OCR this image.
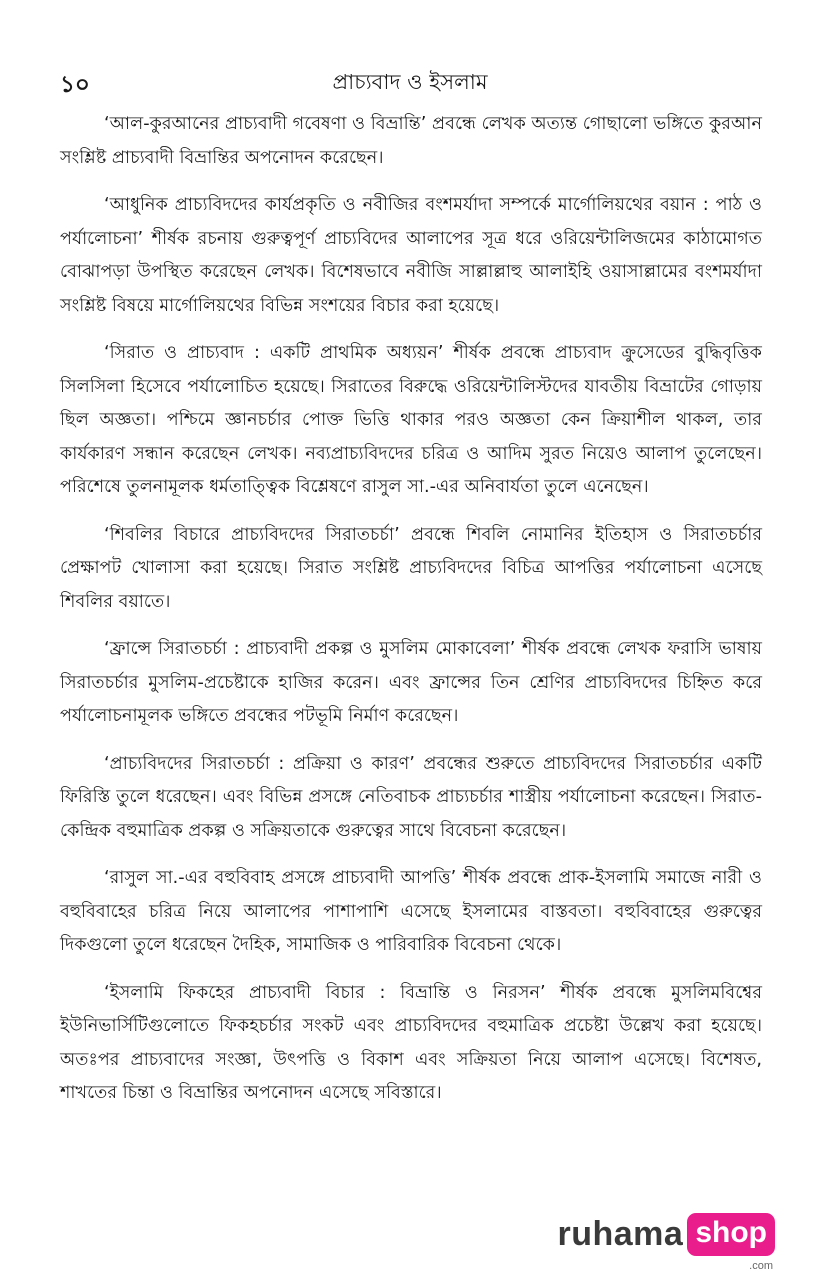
১০	প্রাচ্যবাদ ও ইসলাম

‘আল-কুরআনের প্রাচ্যবাদী গবেষণা ও বিভ্রান্তি’ প্রবন্ধে লেখক অত্যন্ত গোছালো ভঙ্গিতে কুরআন সংশ্লিষ্ট প্রাচ্যবাদী বিভ্রান্তির অপনোদন করেছেন।

‘আধুনিক প্রাচ্যবিদদের কার্যপ্রকৃতি ও নবীজির বংশমর্যাদা সম্পর্কে মার্গোলিয়থের বয়ান : পাঠ ও পর্যালোচনা’ শীর্ষক রচনায় গুরুত্বপূর্ণ প্রাচ্যবিদের আলাপের সূত্র ধরে ওরিয়েন্টালিজমের কাঠামোগত বোঝাপড়া উপস্থিত করেছেন লেখক। বিশেষভাবে নবীজি সাল্লাল্লাহু আলাইহি ওয়াসাল্লামের বংশমর্যাদা সংশ্লিষ্ট বিষয়ে মার্গোলিয়থের বিভিন্ন সংশয়ের বিচার করা হয়েছে।

‘সিরাত ও প্রাচ্যবাদ : একটি প্রাথমিক অধ্যয়ন’ শীর্ষক প্রবন্ধে প্রাচ্যবাদ ক্রুসেডের বুদ্ধিবৃত্তিক সিলসিলা হিসেবে পর্যালোচিত হয়েছে। সিরাতের বিরুদ্ধে ওরিয়েন্টালিস্টদের যাবতীয় বিভ্রাটের গোড়ায় ছিল অজ্ঞতা। পশ্চিমে জ্ঞানচর্চার পোক্ত ভিত্তি থাকার পরও অজ্ঞতা কেন ক্রিয়াশীল থাকল, তার কার্যকারণ সন্ধান করেছেন লেখক। নব্যপ্রাচ্যবিদদের চরিত্র ও আদিম সুরত নিয়েও আলাপ তুলেছেন। পরিশেষে তুলনামূলক ধর্মতাত্ত্বিক বিশ্লেষণে রাসুল সা.-এর অনিবার্যতা তুলে এনেছেন।

‘শিবলির বিচারে প্রাচ্যবিদদের সিরাতচর্চা’ প্রবন্ধে শিবলি নোমানির ইতিহাস ও সিরাতচর্চার প্রেক্ষাপট খোলাসা করা হয়েছে। সিরাত সংশ্লিষ্ট প্রাচ্যবিদদের বিচিত্র আপত্তির পর্যালোচনা এসেছে শিবলির বয়াতে।

‘ফ্রান্সে সিরাতচর্চা : প্রাচ্যবাদী প্রকল্প ও মুসলিম মোকাবেলা’ শীর্ষক প্রবন্ধে লেখক ফরাসি ভাষায় সিরাতচর্চার মুসলিম-প্রচেষ্টাকে হাজির করেন। এবং ফ্রান্সের তিন শ্রেণির প্রাচ্যবিদদের চিহ্নিত করে পর্যালোচনামূলক ভঙ্গিতে প্রবন্ধের পটভূমি নির্মাণ করেছেন।

‘প্রাচ্যবিদদের সিরাতচর্চা : প্রক্রিয়া ও কারণ’ প্রবন্ধের শুরুতে প্রাচ্যবিদদের সিরাতচর্চার একটি ফিরিস্তি তুলে ধরেছেন। এবং বিভিন্ন প্রসঙ্গে নেতিবাচক প্রাচ্যচর্চার শাস্ত্রীয় পর্যালোচনা করেছেন। সিরাত-কেন্দ্রিক বহুমাত্রিক প্রকল্প ও সক্রিয়তাকে গুরুত্বের সাথে বিবেচনা করেছেন।

‘রাসুল সা.-এর বহুবিবাহ প্রসঙ্গে প্রাচ্যবাদী আপত্তি’ শীর্ষক প্রবন্ধে প্রাক-ইসলামি সমাজে নারী ও বহুবিবাহের চরিত্র নিয়ে আলাপের পাশাপাশি এসেছে ইসলামের বাস্তবতা। বহুবিবাহের গুরুত্বের দিকগুলো তুলে ধরেছেন দৈহিক, সামাজিক ও পারিবারিক বিবেচনা থেকে।

‘ইসলামি ফিকহের প্রাচ্যবাদী বিচার : বিভ্রান্তি ও নিরসন’ শীর্ষক প্রবন্ধে মুসলিমবিশ্বের ইউনিভার্সিটিগুলোতে ফিকহচর্চার সংকট এবং প্রাচ্যবিদদের বহুমাত্রিক প্রচেষ্টা উল্লেখ করা হয়েছে। অতঃপর প্রাচ্যবাদের সংজ্ঞা, উৎপত্তি ও বিকাশ এবং সক্রিয়তা নিয়ে আলাপ এসেছে। বিশেষত, শাখতের চিন্তা ও বিভ্রান্তির অপনোদন এসেছে সবিস্তারে।

ruhama shop
.com
